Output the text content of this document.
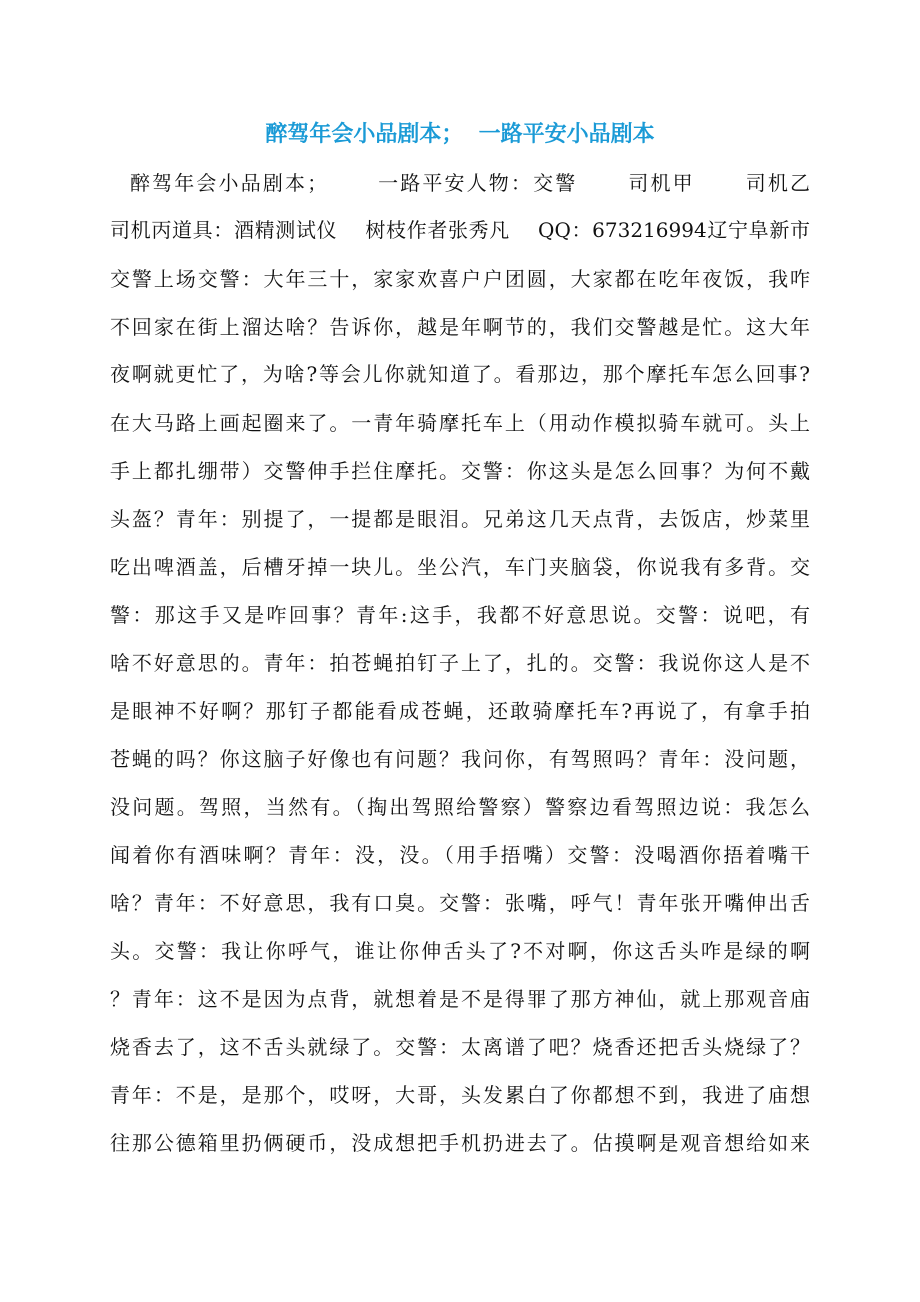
醉驾年会小品剧本；  一路平安小品剧本
醉驾年会小品剧本；      一路平安人物：交警      司机甲      司机乙
司机丙道具：酒精测试仪    树枝作者张秀凡    QQ：673216994辽宁阜新市
交警上场交警：大年三十，家家欢喜户户团圆，大家都在吃年夜饭，我咋
不回家在街上溜达啥？告诉你，越是年啊节的，我们交警越是忙。这大年
夜啊就更忙了，为啥?等会儿你就知道了。看那边，那个摩托车怎么回事?
在大马路上画起圈来了。一青年骑摩托车上（用动作模拟骑车就可。头上
手上都扎绷带）交警伸手拦住摩托。交警：你这头是怎么回事？为何不戴
头盔？青年：别提了，一提都是眼泪。兄弟这几天点背，去饭店，炒菜里
吃出啤酒盖，后槽牙掉一块儿。坐公汽，车门夹脑袋，你说我有多背。交
警：那这手又是咋回事？青年:这手，我都不好意思说。交警：说吧，有
啥不好意思的。青年：拍苍蝇拍钉子上了，扎的。交警：我说你这人是不
是眼神不好啊？那钉子都能看成苍蝇，还敢骑摩托车?再说了，有拿手拍
苍蝇的吗？你这脑子好像也有问题？我问你，有驾照吗？青年：没问题，
没问题。驾照，当然有。（掏出驾照给警察）警察边看驾照边说：我怎么
闻着你有酒味啊？青年：没，没。（用手捂嘴）交警：没喝酒你捂着嘴干
啥？青年：不好意思，我有口臭。交警：张嘴，呼气！青年张开嘴伸出舌
头。交警：我让你呼气，谁让你伸舌头了?不对啊，你这舌头咋是绿的啊
？青年：这不是因为点背，就想着是不是得罪了那方神仙，就上那观音庙
烧香去了，这不舌头就绿了。交警：太离谱了吧？烧香还把舌头烧绿了？
青年：不是，是那个，哎呀，大哥，头发累白了你都想不到，我进了庙想
往那公德箱里扔俩硬币，没成想把手机扔进去了。估摸啊是观音想给如来
